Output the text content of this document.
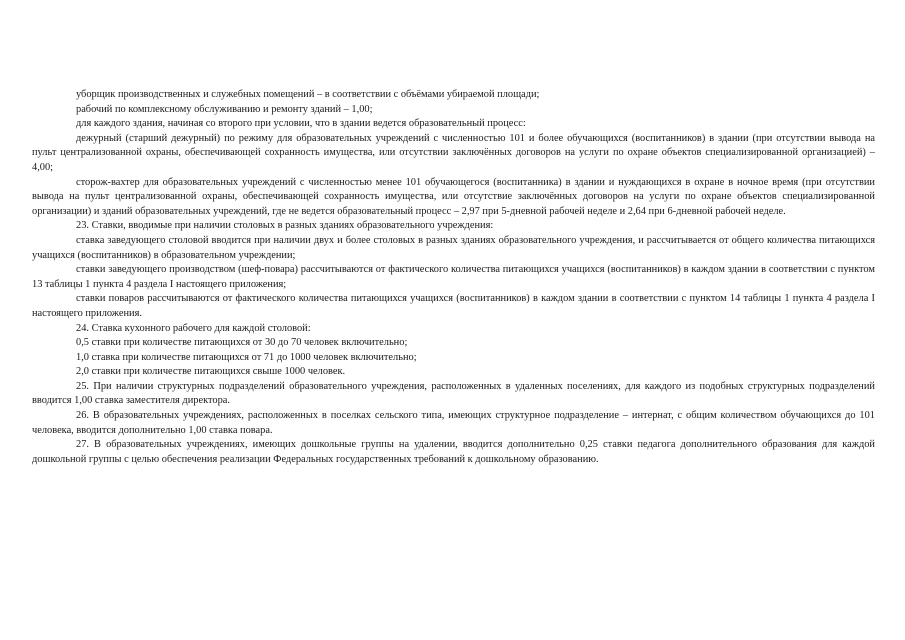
уборщик производственных и служебных помещений – в соответствии с объёмами убираемой площади;

рабочий по комплексному обслуживанию и ремонту зданий – 1,00;

для каждого здания, начиная со второго при условии, что в здании ведется образовательный процесс:

дежурный (старший дежурный) по режиму для образовательных учреждений с численностью 101 и более обучающихся (воспитанников) в здании (при отсутствии вывода на пульт централизованной охраны, обеспечивающей сохранность имущества, или отсутствии заключённых договоров на услуги по охране объектов специализированной организацией) – 4,00;

сторож-вахтер для образовательных учреждений с численностью менее 101 обучающегося (воспитанника) в здании и нуждающихся в охране в ночное время (при отсутствии вывода на пульт централизованной охраны, обеспечивающей сохранность имущества, или отсутствие заключённых договоров на услуги по охране объектов специализированной организации) и зданий образовательных учреждений, где не ведется образовательный процесс – 2,97 при 5-дневной рабочей неделе и 2,64 при 6-дневной рабочей неделе.

23. Ставки, вводимые при наличии столовых в разных зданиях образовательного учреждения:

ставка заведующего столовой вводится при наличии двух и более столовых в разных зданиях образовательного учреждения, и рассчитывается от общего количества питающихся учащихся (воспитанников) в образовательном учреждении;

ставки заведующего производством (шеф-повара) рассчитываются от фактического количества питающихся учащихся (воспитанников) в каждом здании в соответствии с пунктом 13 таблицы 1 пункта 4 раздела I настоящего приложения;

ставки поваров рассчитываются от фактического количества питающихся учащихся (воспитанников) в каждом здании в соответствии с пунктом 14 таблицы 1 пункта 4 раздела I настоящего приложения.

24. Ставка кухонного рабочего для каждой столовой:

0,5 ставки при количестве питающихся от 30 до 70 человек включительно;

1,0 ставка при количестве питающихся от 71 до 1000 человек включительно;

2,0 ставки при количестве питающихся свыше 1000 человек.

25. При наличии структурных подразделений образовательного учреждения, расположенных в удаленных поселениях, для каждого из подобных структурных подразделений вводится 1,00 ставка заместителя директора.

26. В образовательных учреждениях, расположенных в поселках сельского типа, имеющих структурное подразделение – интернат, с общим количеством обучающихся до 101 человека, вводится дополнительно 1,00 ставка повара.

27. В образовательных учреждениях, имеющих дошкольные группы на удалении, вводится дополнительно 0,25 ставки педагога дополнительного образования для каждой дошкольной группы с целью обеспечения реализации Федеральных государственных требований к дошкольному образованию.
